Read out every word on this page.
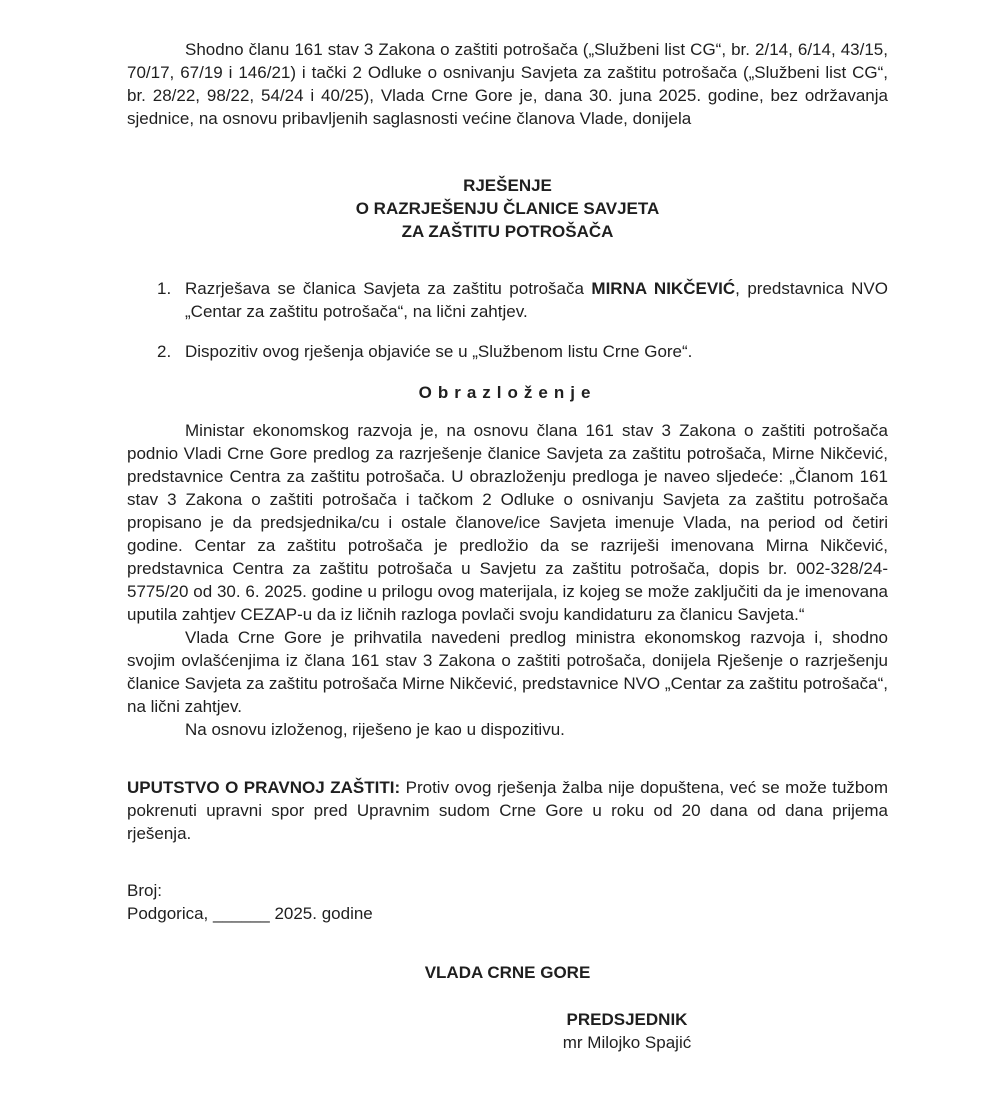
Shodno članu 161 stav 3 Zakona o zaštiti potrošača („Službeni list CG“, br. 2/14, 6/14, 43/15, 70/17, 67/19 i 146/21) i tački 2 Odluke o osnivanju Savjeta za zaštitu potrošača („Službeni list CG“, br. 28/22, 98/22, 54/24 i 40/25), Vlada Crne Gore je, dana 30. juna 2025. godine, bez održavanja sjednice, na osnovu pribavljenih saglasnosti većine članova Vlade, donijela

RJEŠENJE
O RAZRJEŠENJU ČLANICE SAVJETA
ZA ZAŠTITU POTROŠAČA
1. Razrješava se članica Savjeta za zaštitu potrošača MIRNA NIKČEVIĆ, predstavnica NVO „Centar za zaštitu potrošača“, na lični zahtjev.
2. Dispozitiv ovog rješenja objaviće se u „Službenom listu Crne Gore“.
Obrazloženje

Ministar ekonomskog razvoja je, na osnovu člana 161 stav 3 Zakona o zaštiti potrošača podnio Vladi Crne Gore predlog za razrješenje članice Savjeta za zaštitu potrošača, Mirne Nikčević, predstavnice Centra za zaštitu potrošača. U obrazloženju predloga je naveo sljedeće: „Članom 161 stav 3 Zakona o zaštiti potrošača i tačkom 2 Odluke o osnivanju Savjeta za zaštitu potrošača propisano je da predsjednika/cu i ostale članove/ice Savjeta imenuje Vlada, na period od četiri godine. Centar za zaštitu potrošača je predložio da se razriješi imenovana Mirna Nikčević, predstavnica Centra za zaštitu potrošača u Savjetu za zaštitu potrošača, dopis br. 002-328/24-5775/20 od 30. 6. 2025. godine u prilogu ovog materijala, iz kojeg se može zaključiti da je imenovana uputila zahtjev CEZAP-u da iz ličnih razloga povlači svoju kandidaturu za članicu Savjeta.“

Vlada Crne Gore je prihvatila navedeni predlog ministra ekonomskog razvoja i, shodno svojim ovlašćenjima iz člana 161 stav 3 Zakona o zaštiti potrošača, donijela Rješenje o razrješenju članice Savjeta za zaštitu potrošača Mirne Nikčević, predstavnice NVO „Centar za zaštitu potrošača“, na lični zahtjev.

Na osnovu izloženog, riješeno je kao u dispozitivu.

UPUTSTVO O PRAVNOJ ZAŠTITI: Protiv ovog rješenja žalba nije dopuštena, već se može tužbom pokrenuti upravni spor pred Upravnim sudom Crne Gore u roku od 20 dana od dana prijema rješenja.

Broj:
Podgorica, ______ 2025. godine
VLADA CRNE GORE
PREDSJEDNIK
mr Milojko Spajić
